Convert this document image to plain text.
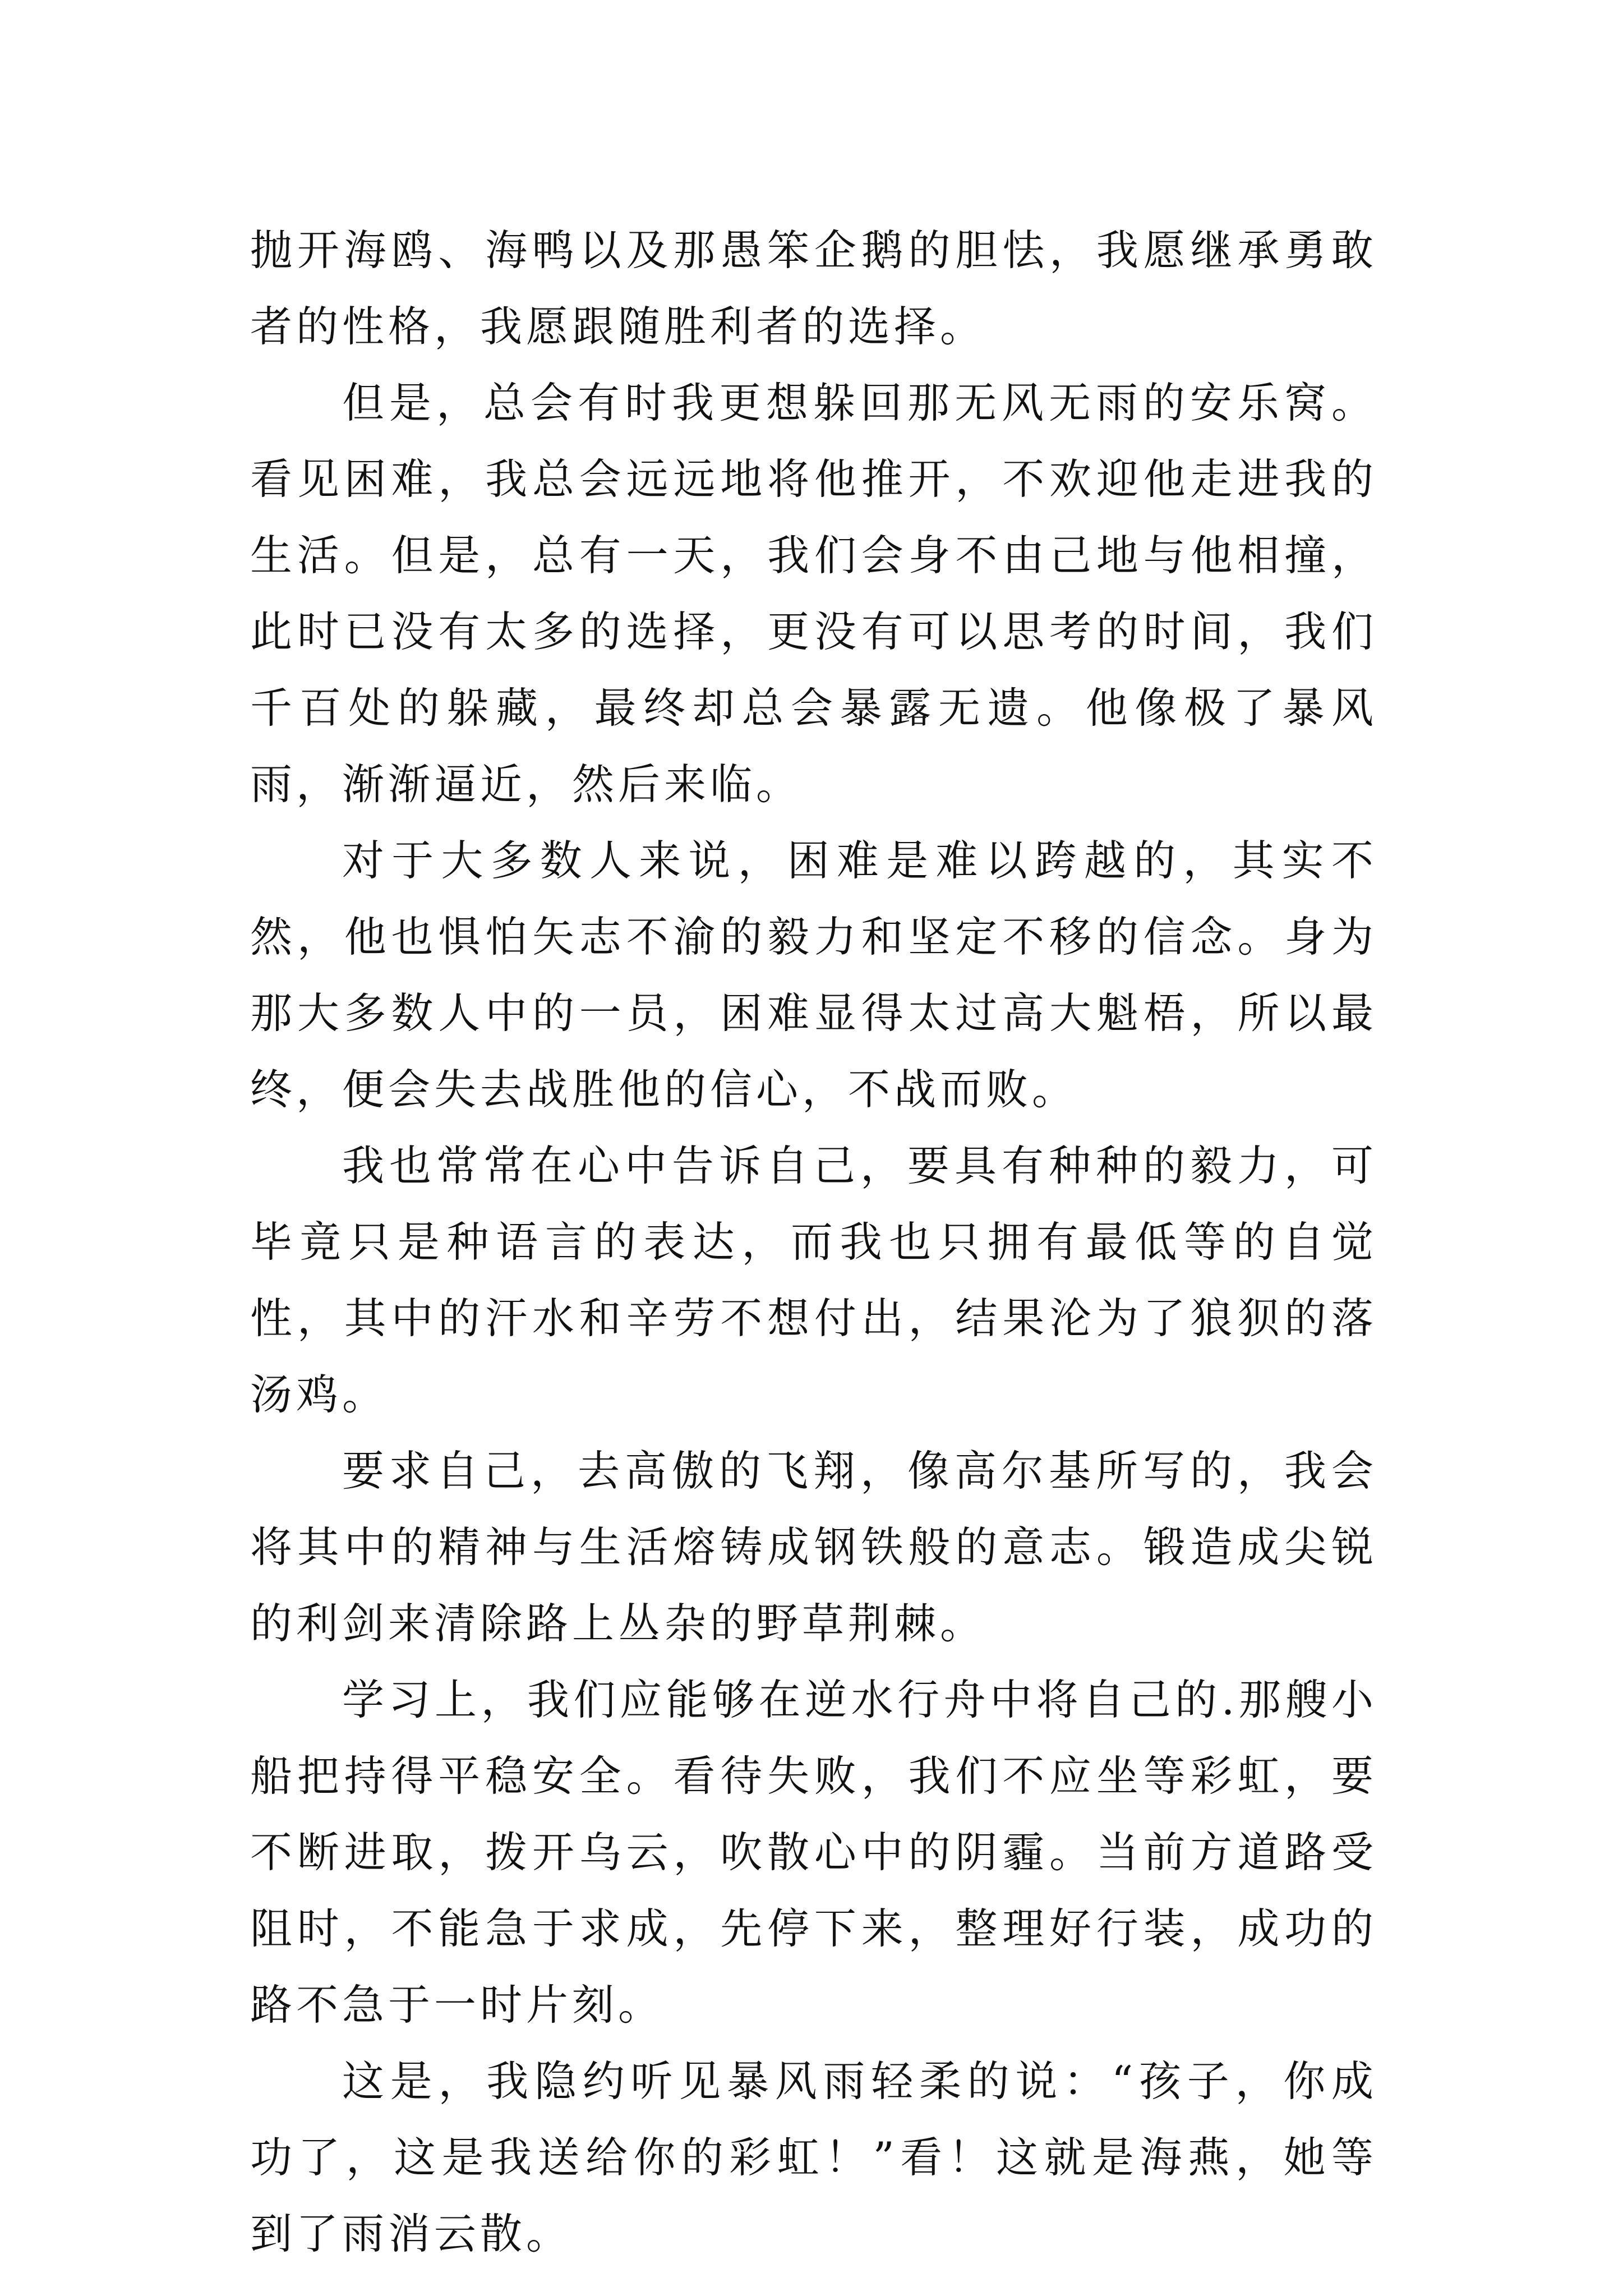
抛开海鸥、海鸭以及那愚笨企鹅的胆怯，我愿继承勇敢者的性格，我愿跟随胜利者的选择。

但是，总会有时我更想躲回那无风无雨的安乐窝。看见困难，我总会远远地将他推开，不欢迎他走进我的生活。但是，总有一天，我们会身不由己地与他相撞，此时已没有太多的选择，更没有可以思考的时间，我们千百处的躲藏，最终却总会暴露无遗。他像极了暴风雨，渐渐逼近，然后来临。

对于大多数人来说，困难是难以跨越的，其实不然，他也惧怕矢志不渝的毅力和坚定不移的信念。身为那大多数人中的一员，困难显得太过高大魁梧，所以最终，便会失去战胜他的信心，不战而败。

我也常常在心中告诉自己，要具有种种的毅力，可毕竟只是种语言的表达，而我也只拥有最低等的自觉性，其中的汗水和辛劳不想付出，结果沦为了狼狈的落汤鸡。

要求自己，去高傲的飞翔，像高尔基所写的，我会将其中的精神与生活熔铸成钢铁般的意志。锻造成尖锐的利剑来清除路上丛杂的野草荆棘。

学习上，我们应能够在逆水行舟中将自己的.那艘小船把持得平稳安全。看待失败，我们不应坐等彩虹，要不断进取，拨开乌云，吹散心中的阴霾。当前方道路受阻时，不能急于求成，先停下来，整理好行装，成功的路不急于一时片刻。

这是，我隐约听见暴风雨轻柔的说：“孩子，你成功了，这是我送给你的彩虹！”看！这就是海燕，她等到了雨消云散。
